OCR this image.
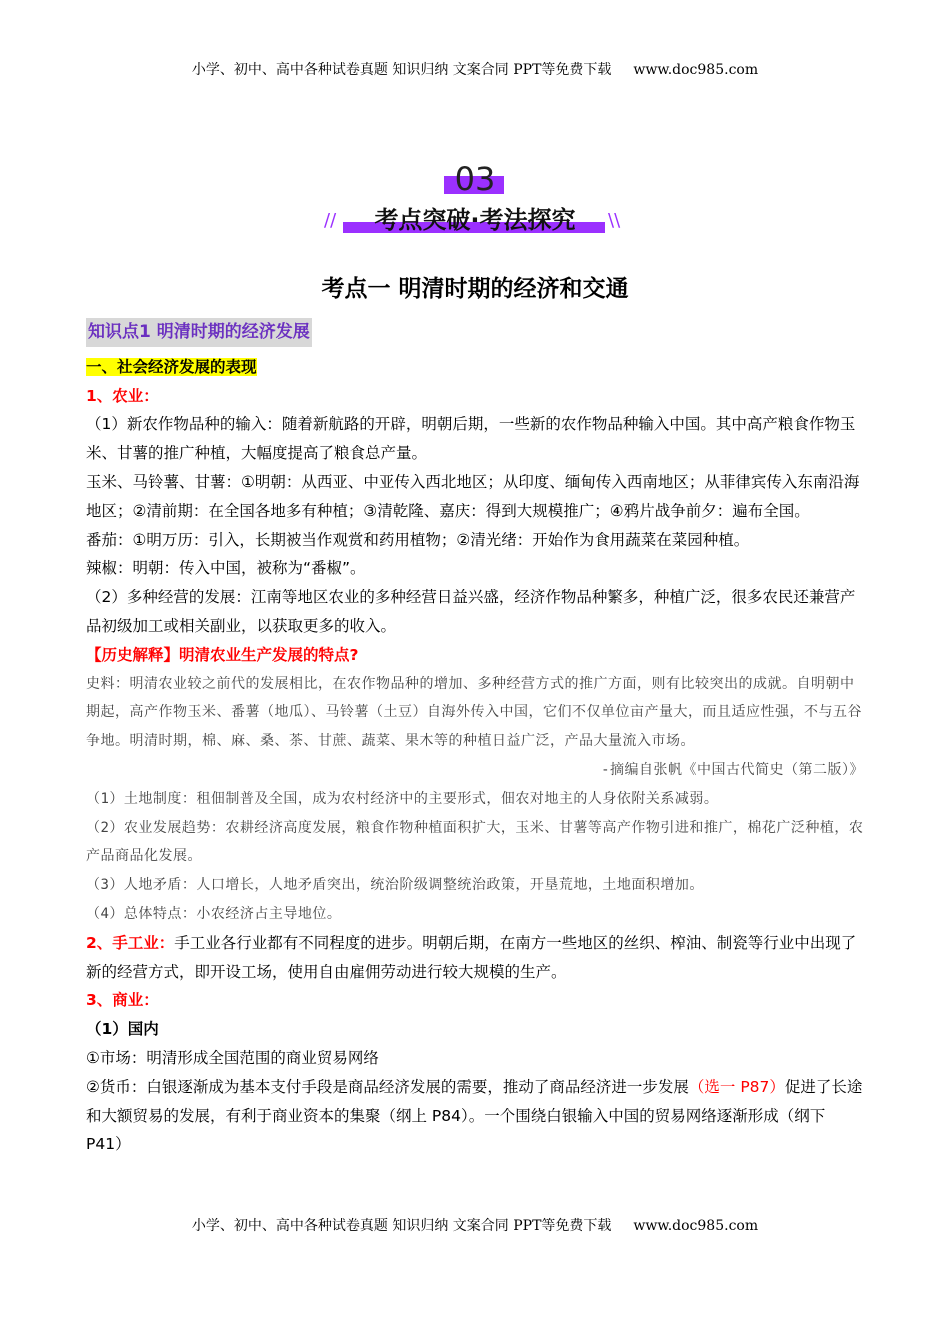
小学、初中、高中各种试卷真题 知识归纳 文案合同 PPT等免费下载 www.doc985.com
03
// 考点突破·考法探究 \\
考点一 明清时期的经济和交通

知识点1 明清时期的经济发展

一、社会经济发展的表现

1、农业：

（1）新农作物品种的输入：随着新航路的开辟，明朝后期，一些新的农作物品种输入中国。其中高产粮食作物玉米、甘薯的推广种植，大幅度提高了粮食总产量。

玉米、马铃薯、甘薯：①明朝：从西亚、中亚传入西北地区；从印度、缅甸传入西南地区；从菲律宾传入东南沿海地区；②清前期：在全国各地多有种植；③清乾隆、嘉庆：得到大规模推广；④鸦片战争前夕：遍布全国。

番茄：①明万历：引入，长期被当作观赏和药用植物；②清光绪：开始作为食用蔬菜在菜园种植。

辣椒：明朝：传入中国，被称为“番椒”。

（2）多种经营的发展：江南等地区农业的多种经营日益兴盛，经济作物品种繁多，种植广泛，很多农民还兼营产品初级加工或相关副业，以获取更多的收入。

【历史解释】明清农业生产发展的特点?

史料：明清农业较之前代的发展相比，在农作物品种的增加、多种经营方式的推广方面，则有比较突出的成就。自明朝中期起，高产作物玉米、番薯（地瓜）、马铃薯（土豆）自海外传入中国，它们不仅单位亩产量大，而且适应性强，不与五谷争地。明清时期，棉、麻、桑、茶、甘蔗、蔬菜、果木等的种植日益广泛，产品大量流入市场。

-摘编自张帆《中国古代简史（第二版）》

（1）土地制度：租佃制普及全国，成为农村经济中的主要形式，佃农对地主的人身依附关系减弱。

（2）农业发展趋势：农耕经济高度发展，粮食作物种植面积扩大，玉米、甘薯等高产作物引进和推广，棉花广泛种植，农产品商品化发展。

（3）人地矛盾：人口增长，人地矛盾突出，统治阶级调整统治政策，开垦荒地，土地面积增加。

（4）总体特点：小农经济占主导地位。

2、手工业：手工业各行业都有不同程度的进步。明朝后期，在南方一些地区的丝织、榨油、制瓷等行业中出现了新的经营方式，即开设工场，使用自由雇佣劳动进行较大规模的生产。

3、商业：

（1）国内

①市场：明清形成全国范围的商业贸易网络

②货币：白银逐渐成为基本支付手段是商品经济发展的需要，推动了商品经济进一步发展（选一 P87）促进了长途和大额贸易的发展，有利于商业资本的集聚（纲上 P84）。一个围绕白银输入中国的贸易网络逐渐形成（纲下 P41）

小学、初中、高中各种试卷真题 知识归纳 文案合同 PPT等免费下载 www.doc985.com
